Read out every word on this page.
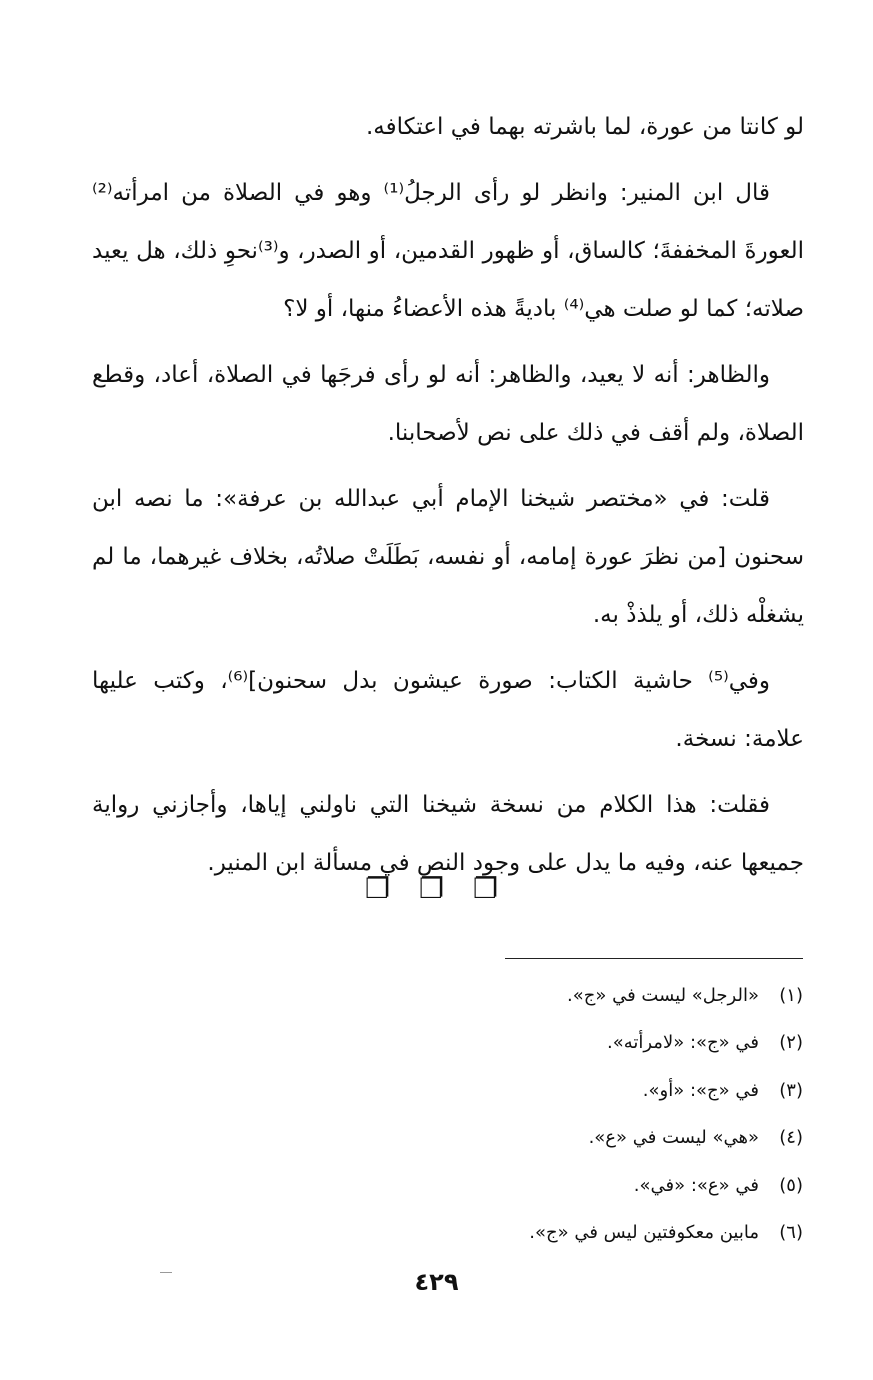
لو كانتا من عورة، لما باشرته بهما في اعتكافه.

قال ابن المنير: وانظر لو رأى الرجلُ⁽¹⁾ وهو في الصلاة من امرأته⁽²⁾ العورةَ المخففةَ؛ كالساق، أو ظهور القدمين، أو الصدر، و⁽³⁾نحوِ ذلك، هل يعيد صلاته؛ كما لو صلت هي⁽⁴⁾ باديةً هذه الأعضاءُ منها، أو لا؟

والظاهر: أنه لا يعيد، والظاهر: أنه لو رأى فرجَها في الصلاة، أعاد، وقطع الصلاة، ولم أقف في ذلك على نص لأصحابنا.

قلت: في «مختصر شيخنا الإمام أبي عبدالله بن عرفة»: ما نصه ابن سحنون [من نظرَ عورة إمامه، أو نفسه، بَطَلَتْ صلاتُه، بخلاف غيرهما، ما لم يشغلْه ذلك، أو يلذذْ به.

وفي⁽⁵⁾ حاشية الكتاب: صورة عيشون بدل سحنون]⁽⁶⁾، وكتب عليها علامة: نسخة.

فقلت: هذا الكلام من نسخة شيخنا التي ناولني إياها، وأجازني رواية جميعها عنه، وفيه ما يدل على وجود النص في مسألة ابن المنير.

❐ ❐ ❐
(١)«الرجل» ليست في «ج».
(٢)في «ج»: «لامرأته».
(٣)في «ج»: «أو».
(٤)«هي» ليست في «ع».
(٥)في «ع»: «في».
(٦)مابين معكوفتين ليس في «ج».
٤٢٩
